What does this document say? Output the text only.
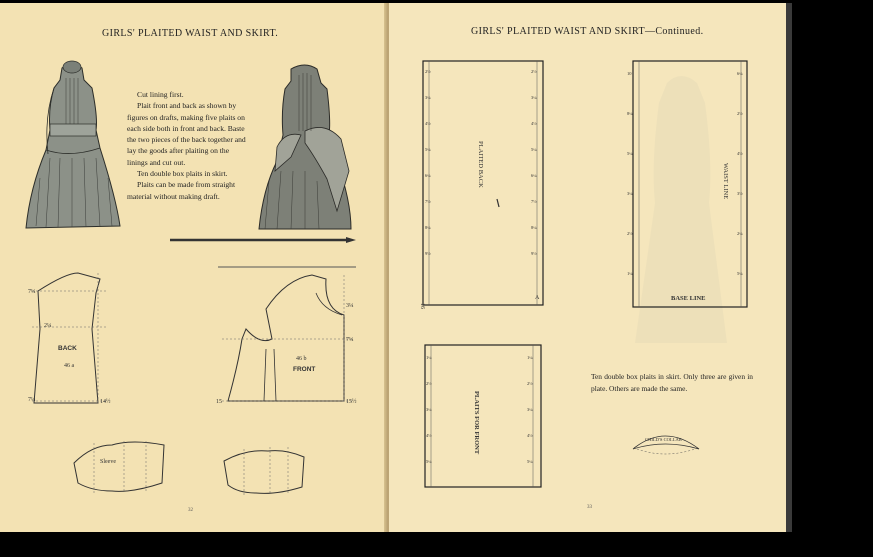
GIRLS' PLAITED WAIST AND SKIRT.

Cut lining first.

Plait front and back as shown by figures on drafts, making five plaits on each side both in front and back. Baste the two pieces of the back together and lay the goods after plaiting on the linings and cut out.

Ten double box plaits in skirt.

Plaits can be made from straight material without making draft.

7¼
2¼
7¼	14½
BACK
46 a
3¼
7¼
15½
15
46 b
FRONT
Sleeve
32
GIRLS' PLAITED WAIST AND SKIRT—Continued.
2½
3¼
4½
5¼
6¼
7½
8¼
9½
2½
3¼
4½
5¼
6¼
7½
8¼
9½
PLAITED BACK
A
16
1¼
2½
3¼
4½
5¼
1¼
2½
3¼
4½
5¼
PLAITS FOR FRONT
10
8¼
5¼
3¼
2½
1¼
6¼
2½
4½
3½
2¼
5¼
WAIST LINE
BASE LINE
Ten double box plaits in skirt. Only three are given in plate. Others are made the same.
CHILD'S COLLAR
33
